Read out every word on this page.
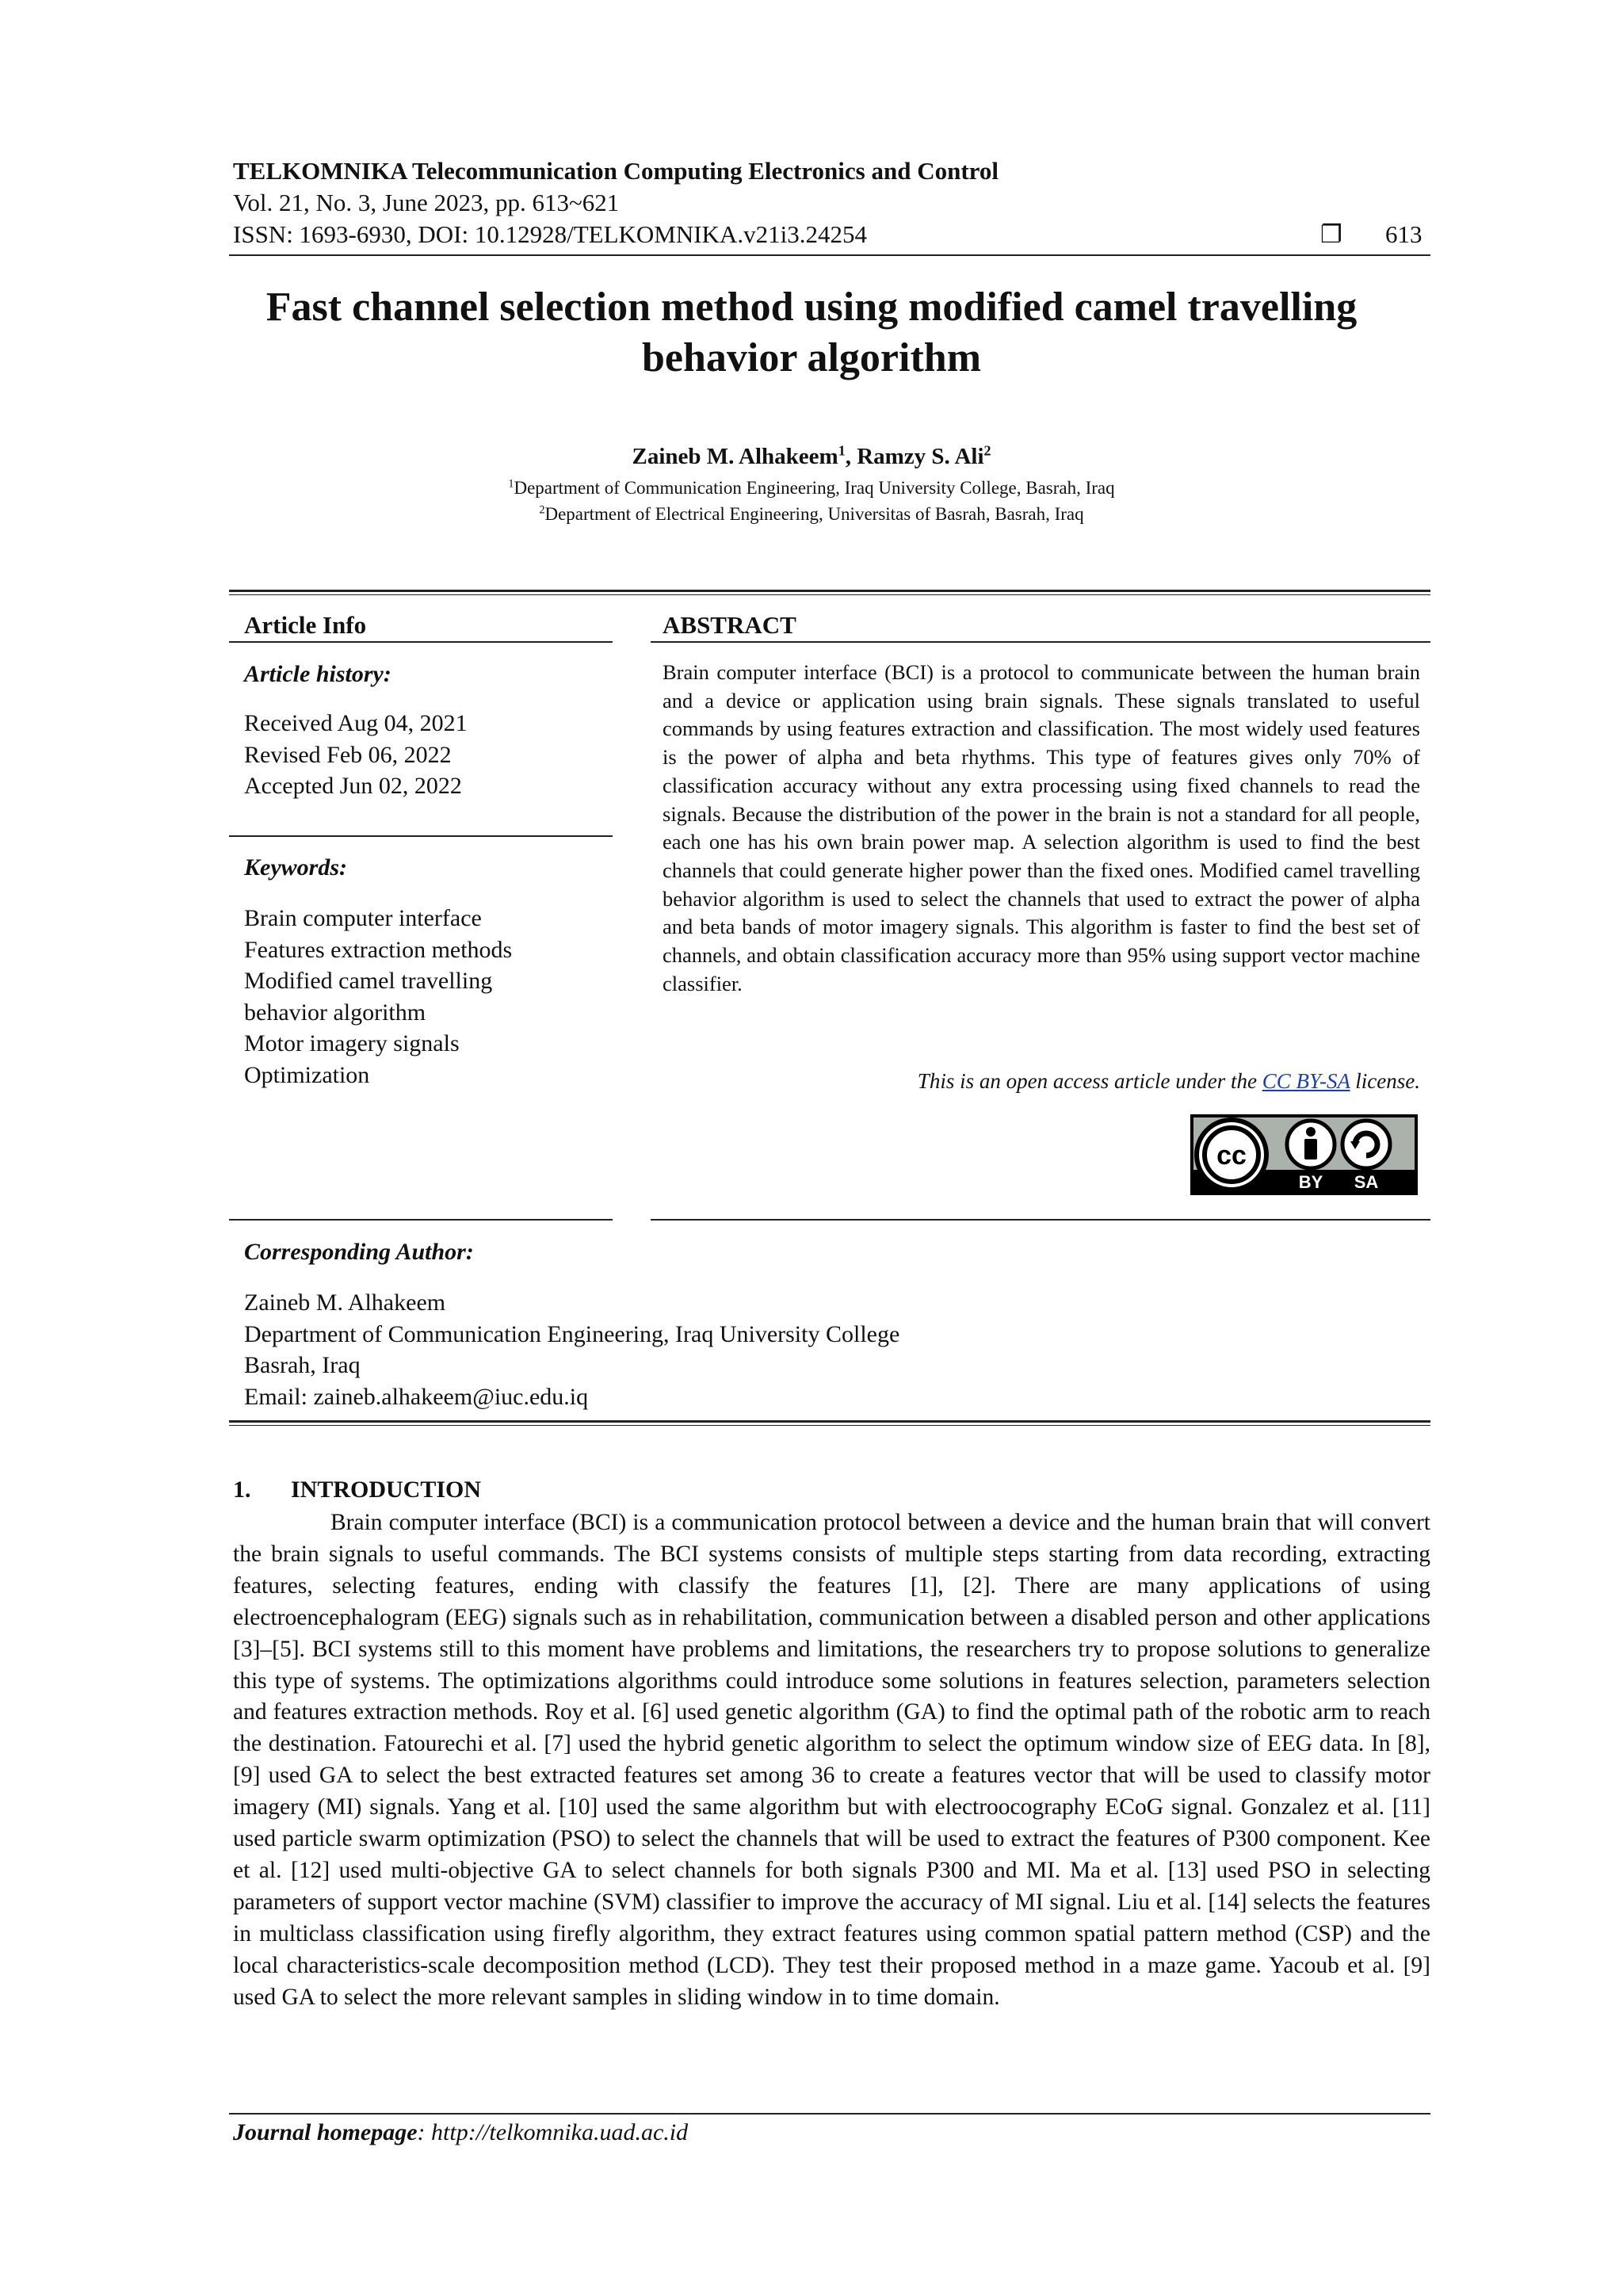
TELKOMNIKA Telecommunication Computing Electronics and Control
Vol. 21, No. 3, June 2023, pp. 613~621
ISSN: 1693-6930, DOI: 10.12928/TELKOMNIKA.v21i3.24254	❐ 613
Fast channel selection method using modified camel travelling
behavior algorithm
Zaineb M. Alhakeem$^1$, Ramzy S. Ali$^2$
$^1$Department of Communication Engineering, Iraq University College, Basrah, Iraq
$^2$Department of Electrical Engineering, Universitas of Basrah, Basrah, Iraq
Article Info	ABSTRACT
Article history:
Received Aug 04, 2021
Revised Feb 06, 2022
Accepted Jun 02, 2022
Keywords:
Brain computer interface
Features extraction methods
Modified camel travelling
behavior algorithm
Motor imagery signals
Optimization
Brain computer interface (BCI) is a protocol to communicate between the human brain and a device or application using brain signals. These signals translated to useful commands by using features extraction and classification. The most widely used features is the power of alpha and beta rhythms. This type of features gives only 70% of classification accuracy without any extra processing using fixed channels to read the signals. Because the distribution of the power in the brain is not a standard for all people, each one has his own brain power map. A selection algorithm is used to find the best channels that could generate higher power than the fixed ones. Modified camel travelling behavior algorithm is used to select the channels that used to extract the power of alpha and beta bands of motor imagery signals. This algorithm is faster to find the best set of channels, and obtain classification accuracy more than 95% using support vector machine classifier.
This is an open access article under the CC BY-SA license.
cc
BY SA
Corresponding Author:
Zaineb M. Alhakeem
Department of Communication Engineering, Iraq University College
Basrah, Iraq
Email: zaineb.alhakeem@iuc.edu.iq
1. INTRODUCTION

Brain computer interface (BCI) is a communication protocol between a device and the human brain that will convert the brain signals to useful commands. The BCI systems consists of multiple steps starting from data recording, extracting features, selecting features, ending with classify the features [1], [2]. There are many applications of using electroencephalogram (EEG) signals such as in rehabilitation, communication between a disabled person and other applications [3]–[5]. BCI systems still to this moment have problems and limitations, the researchers try to propose solutions to generalize this type of systems. The optimizations algorithms could introduce some solutions in features selection, parameters selection and features extraction methods. Roy et al. [6] used genetic algorithm (GA) to find the optimal path of the robotic arm to reach the destination. Fatourechi et al. [7] used the hybrid genetic algorithm to select the optimum window size of EEG data. In [8], [9] used GA to select the best extracted features set among 36 to create a features vector that will be used to classify motor imagery (MI) signals. Yang et al. [10] used the same algorithm but with electroocography ECoG signal. Gonzalez et al. [11] used particle swarm optimization (PSO) to select the channels that will be used to extract the features of P300 component. Kee et al. [12] used multi-objective GA to select channels for both signals P300 and MI. Ma et al. [13] used PSO in selecting parameters of support vector machine (SVM) classifier to improve the accuracy of MI signal. Liu et al. [14] selects the features in multiclass classification using firefly algorithm, they extract features using common spatial pattern method (CSP) and the local characteristics-scale decomposition method (LCD). They test their proposed method in a maze game. Yacoub et al. [9] used GA to select the more relevant samples in sliding window in to time domain.

Journal homepage: http://telkomnika.uad.ac.id
